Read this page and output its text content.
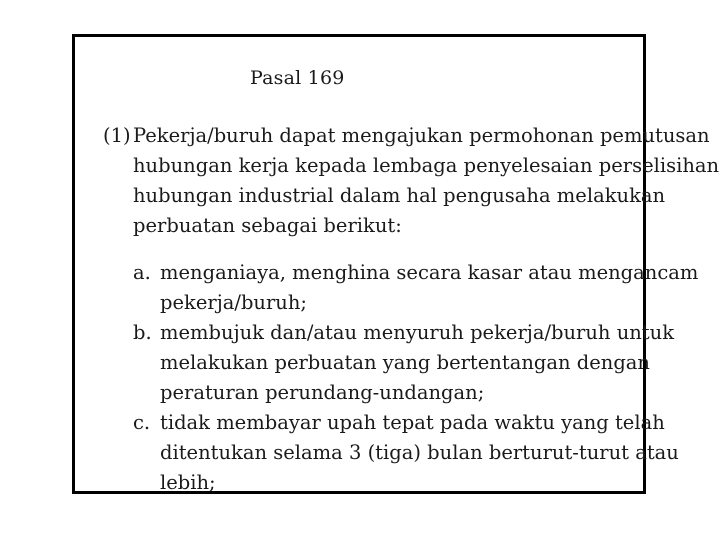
Pasal 169
(1) Pekerja/buruh dapat mengajukan permohonan pemutusan
hubungan kerja kepada lembaga penyelesaian perselisihan
hubungan industrial dalam hal pengusaha melakukan
perbuatan sebagai berikut:
a. menganiaya, menghina secara kasar atau mengancam
pekerja/buruh;
b. membujuk dan/atau menyuruh pekerja/buruh untuk
melakukan perbuatan yang bertentangan dengan
peraturan perundang-undangan;
c. tidak membayar upah tepat pada waktu yang telah
ditentukan selama 3 (tiga) bulan berturut-turut atau
lebih;
